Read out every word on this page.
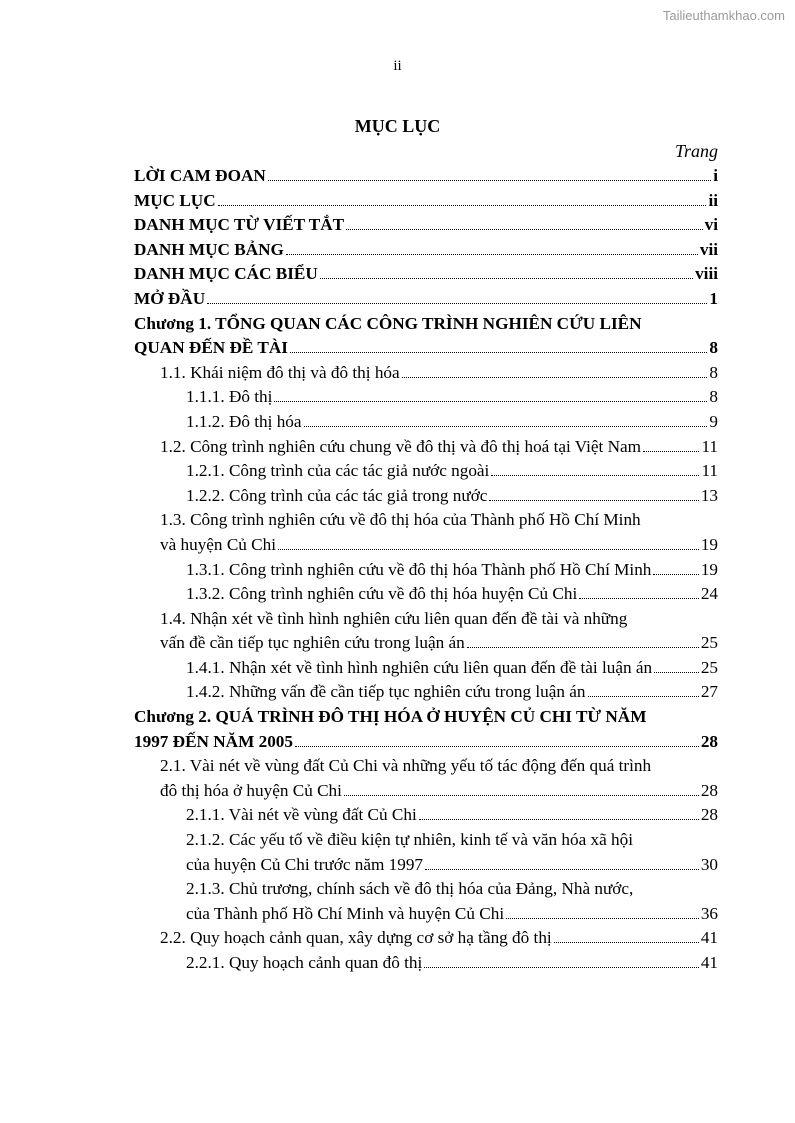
Tailieuthamkhao.com
ii
MỤC LỤC
Trang
LỜI CAM ĐOAN	i
MỤC LỤC	ii
DANH MỤC TỪ VIẾT TẮT	vi
DANH MỤC BẢNG	vii
DANH MỤC CÁC BIỂU	viii
MỞ ĐẦU	1
Chương 1. TỔNG QUAN CÁC CÔNG TRÌNH NGHIÊN CỨU LIÊN
QUAN ĐẾN ĐỀ TÀI	8
1.1. Khái niệm đô thị và đô thị hóa	8
1.1.1. Đô thị	8
1.1.2. Đô thị hóa	9
1.2. Công trình nghiên cứu chung về đô thị và đô thị hoá tại Việt Nam	11
1.2.1. Công trình của các tác giả nước ngoài	11
1.2.2. Công trình của các tác giả trong nước	13
1.3. Công trình nghiên cứu về đô thị hóa của Thành phố Hồ Chí Minh
và huyện Củ Chi	19
1.3.1. Công trình nghiên cứu về đô thị hóa Thành phố Hồ Chí Minh	19
1.3.2. Công trình nghiên cứu về đô thị hóa huyện Củ Chi	24
1.4. Nhận xét về tình hình nghiên cứu liên quan đến đề tài và những
vấn đề cần tiếp tục nghiên cứu trong luận án	25
1.4.1. Nhận xét về tình hình nghiên cứu liên quan đến đề tài luận án	25
1.4.2. Những vấn đề cần tiếp tục nghiên cứu trong luận án	27
Chương 2. QUÁ TRÌNH ĐÔ THỊ HÓA Ở HUYỆN CỦ CHI TỪ NĂM
1997 ĐẾN NĂM 2005	28
2.1. Vài nét về vùng đất Củ Chi và những yếu tố tác động đến quá trình
đô thị hóa ở huyện Củ Chi	28
2.1.1. Vài nét về vùng đất Củ Chi	28
2.1.2. Các yếu tố về điều kiện tự nhiên, kinh tế và văn hóa xã hội
của huyện Củ Chi trước năm 1997	30
2.1.3. Chủ trương, chính sách về đô thị hóa của Đảng, Nhà nước,
của Thành phố Hồ Chí Minh và huyện Củ Chi	36
2.2. Quy hoạch cảnh quan, xây dựng cơ sở hạ tầng đô thị	41
2.2.1. Quy hoạch cảnh quan đô thị	41
